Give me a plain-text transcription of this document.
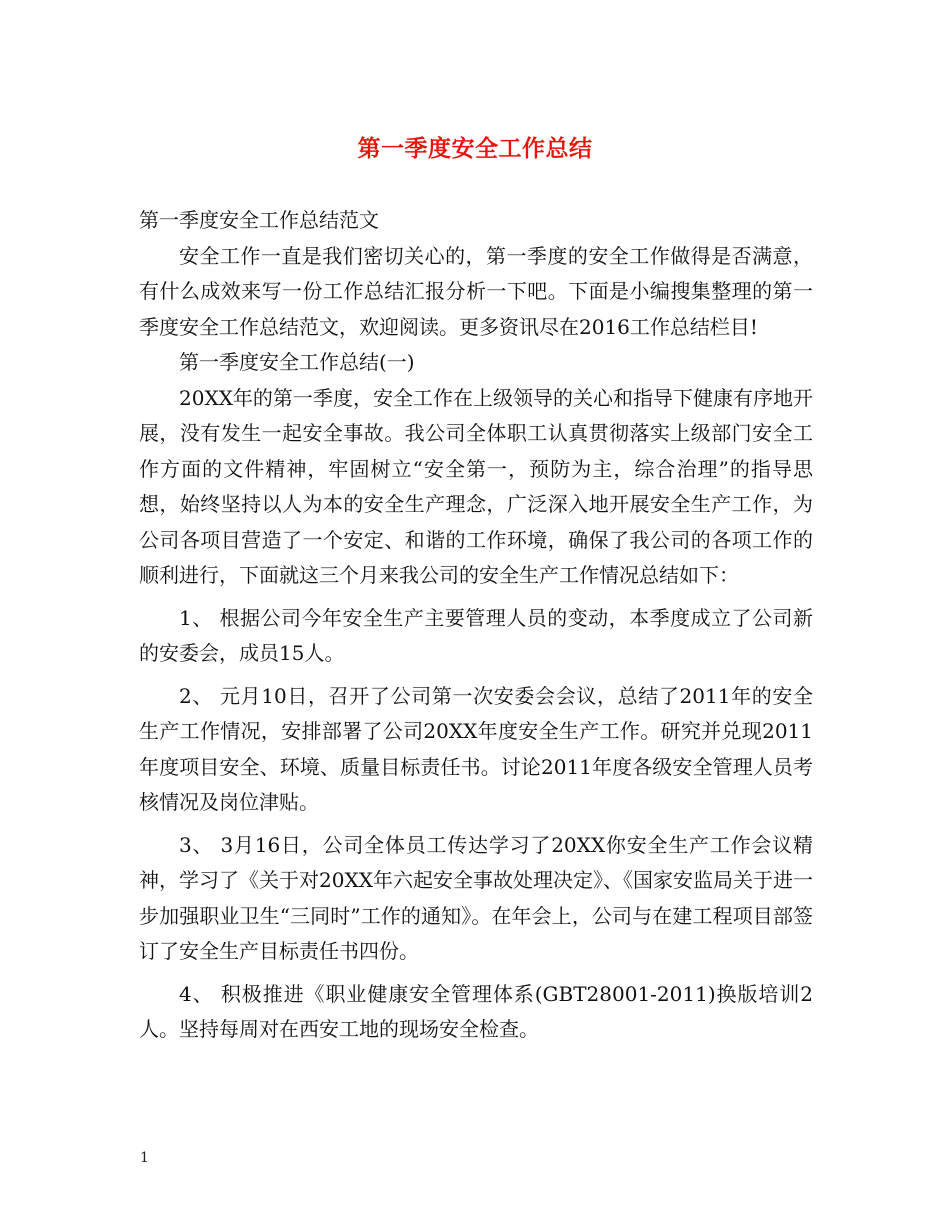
第一季度安全工作总结

第一季度安全工作总结范文

安全工作一直是我们密切关心的，第一季度的安全工作做得是否满意，有什么成效来写一份工作总结汇报分析一下吧。下面是小编搜集整理的第一季度安全工作总结范文，欢迎阅读。更多资讯尽在2016工作总结栏目!

第一季度安全工作总结(一)

20XX年的第一季度，安全工作在上级领导的关心和指导下健康有序地开展，没有发生一起安全事故。我公司全体职工认真贯彻落实上级部门安全工作方面的文件精神，牢固树立“安全第一，预防为主，综合治理”的指导思想，始终坚持以人为本的安全生产理念，广泛深入地开展安全生产工作，为公司各项目营造了一个安定、和谐的工作环境，确保了我公司的各项工作的顺利进行，下面就这三个月来我公司的安全生产工作情况总结如下：

1、 根据公司今年安全生产主要管理人员的变动，本季度成立了公司新的安委会，成员15人。

2、 元月10日，召开了公司第一次安委会会议，总结了2011年的安全生产工作情况，安排部署了公司20XX年度安全生产工作。研究并兑现2011年度项目安全、环境、质量目标责任书。讨论2011年度各级安全管理人员考核情况及岗位津贴。

3、 3月16日，公司全体员工传达学习了20XX你安全生产工作会议精神，学习了《关于对20XX年六起安全事故处理决定》、《国家安监局关于进一步加强职业卫生“三同时”工作的通知》。在年会上，公司与在建工程项目部签订了安全生产目标责任书四份。

4、 积极推进《职业健康安全管理体系(GBT28001-2011)换版培训2人。坚持每周对在西安工地的现场安全检查。

1
